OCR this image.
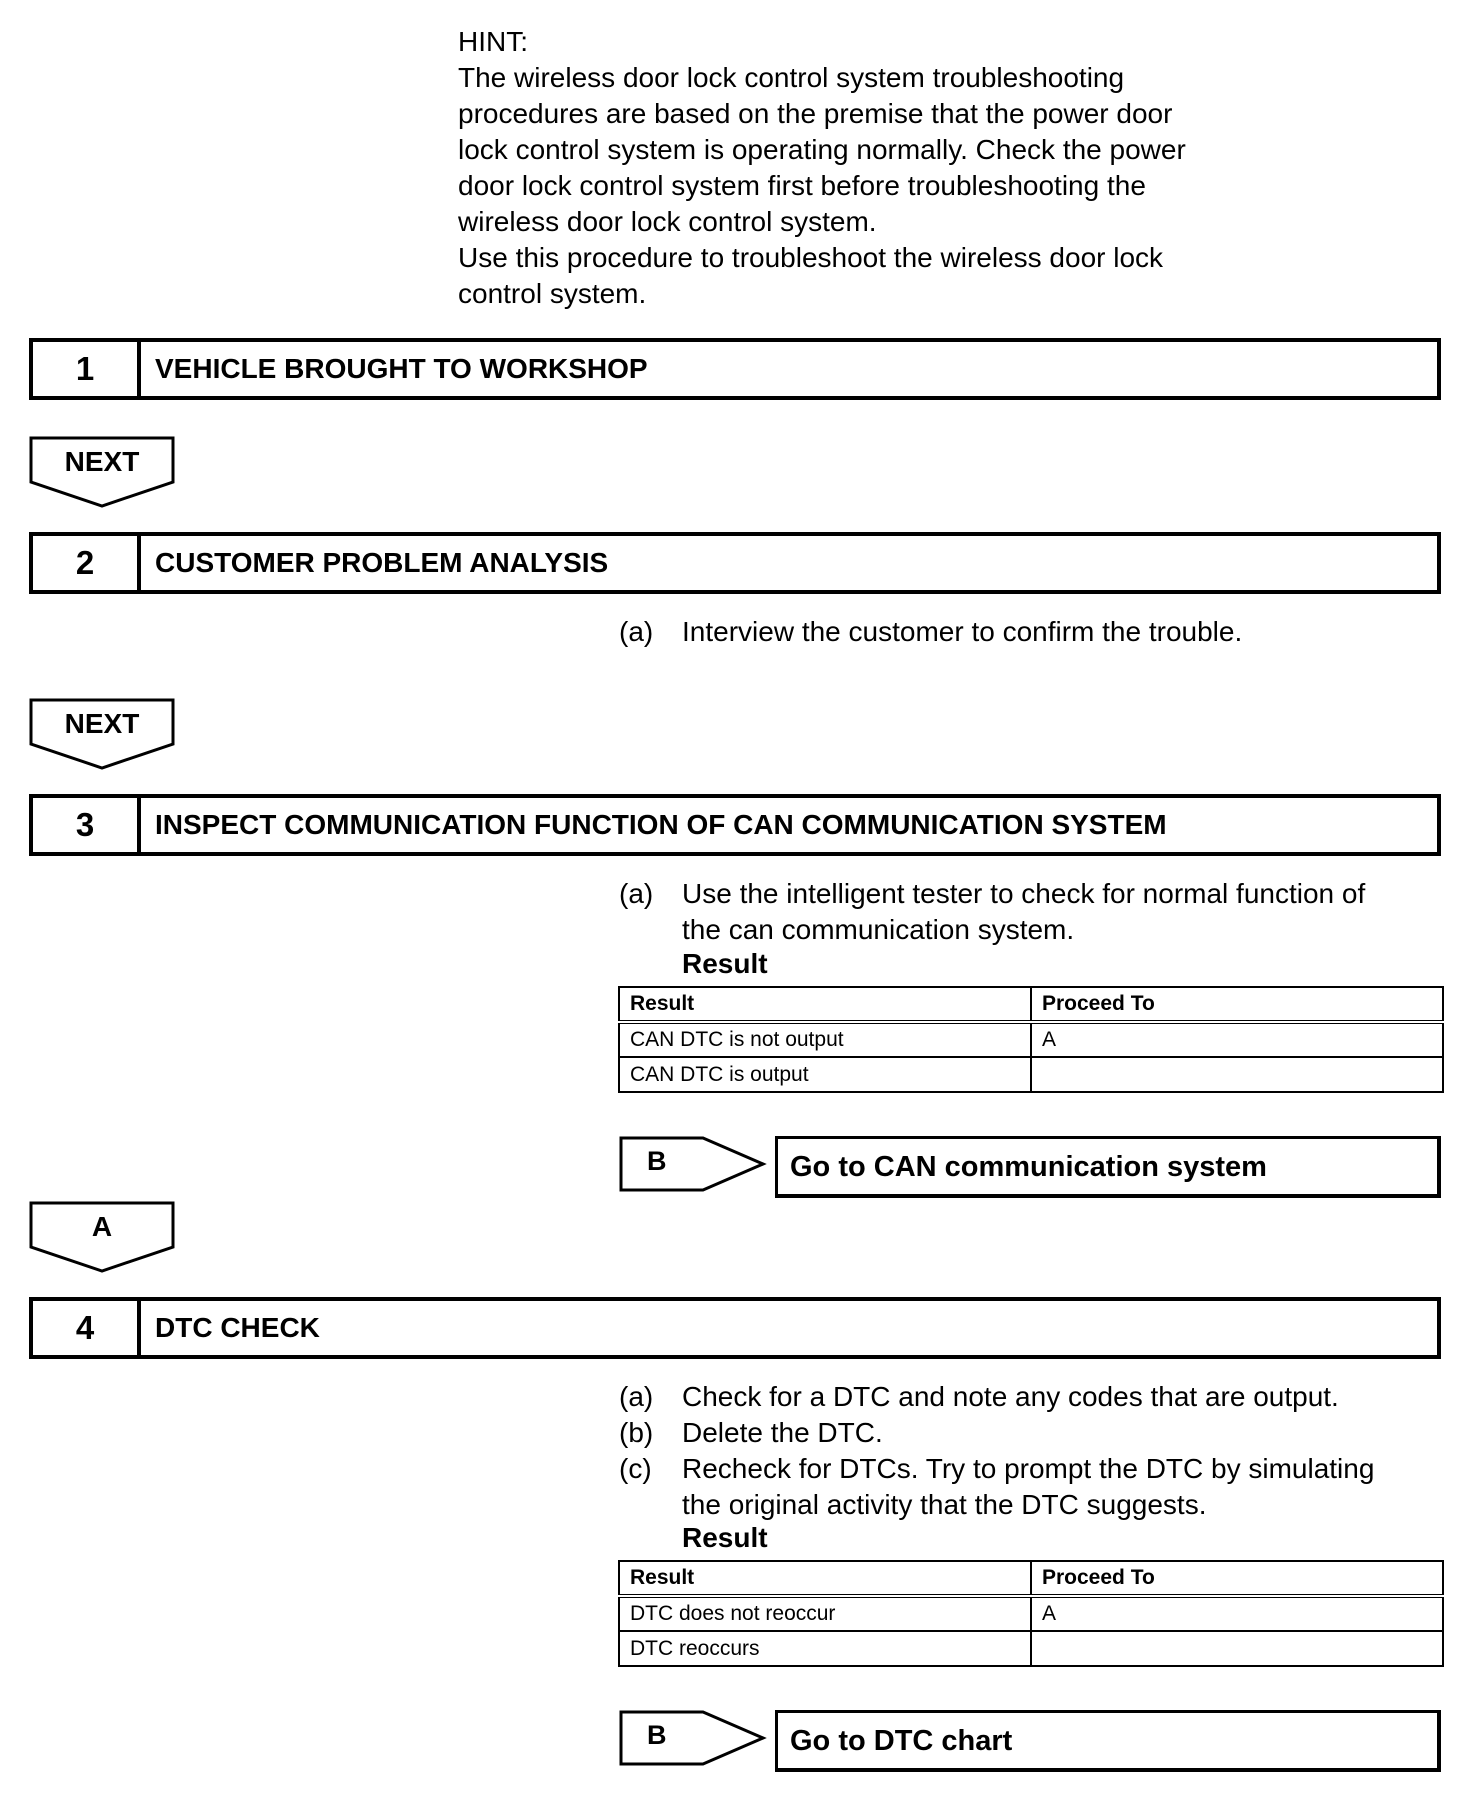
HINT:
The wireless door lock control system troubleshooting
procedures are based on the premise that the power door
lock control system is operating normally. Check the power
door lock control system first before troubleshooting the
wireless door lock control system.
Use this procedure to troubleshoot the wireless door lock
control system.
1	VEHICLE BROUGHT TO WORKSHOP
NEXT
2	CUSTOMER PROBLEM ANALYSIS
(a) Interview the customer to confirm the trouble.
NEXT
3	INSPECT COMMUNICATION FUNCTION OF CAN COMMUNICATION SYSTEM
(a) Use the intelligent tester to check for normal function of
the can communication system.
Result
Result	Proceed To
CAN DTC is not output	A
CAN DTC is output	
B	Go to CAN communication system
A
4	DTC CHECK
(a) Check for a DTC and note any codes that are output.
(b) Delete the DTC.
(c) Recheck for DTCs. Try to prompt the DTC by simulating
the original activity that the DTC suggests.
Result
Result	Proceed To
DTC does not reoccur	A
DTC reoccurs	
B	Go to DTC chart
